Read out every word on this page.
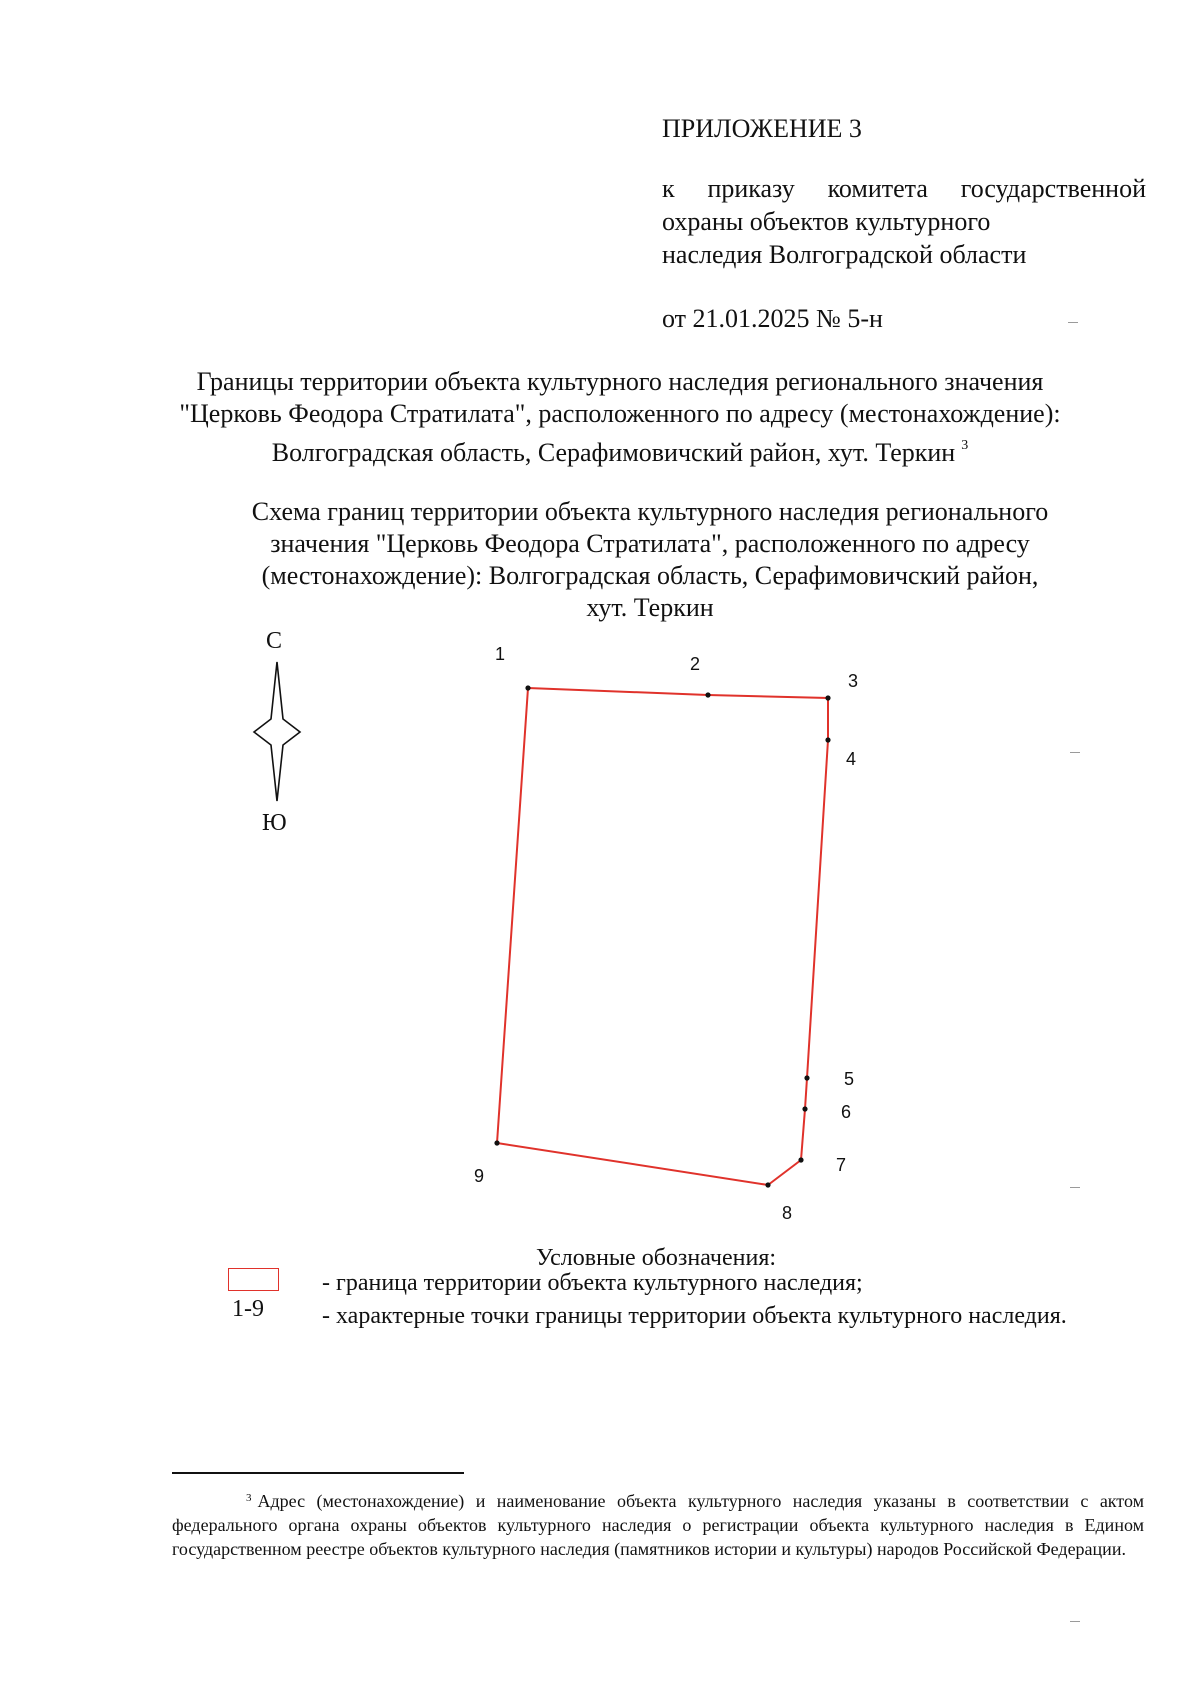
ПРИЛОЖЕНИЕ 3
к приказу комитета государственной
охраны объектов культурного
наследия Волгоградской области
от 21.01.2025 № 5-н
Границы территории объекта культурного наследия регионального значения
"Церковь Феодора Стратилата", расположенного по адресу (местонахождение):
Волгоградская область, Серафимовичский район, хут. Теркин $^3$
Схема границ территории объекта культурного наследия регионального
значения "Церковь Феодора Стратилата", расположенного по адресу
(местонахождение): Волгоградская область, Серафимовичский район,
хут. Теркин
С
Ю
1	2
3
4
5
6
7
8
9
Условные обозначения:
1-9
- граница территории объекта культурного наследия;
- характерные точки границы территории объекта культурного наследия.
$^3$ Адрес (местонахождение) и наименование объекта культурного наследия указаны в соответствии с актом федерального органа охраны объектов культурного наследия о регистрации объекта культурного наследия в Едином государственном реестре объектов культурного наследия (памятников истории и культуры) народов Российской Федерации.
